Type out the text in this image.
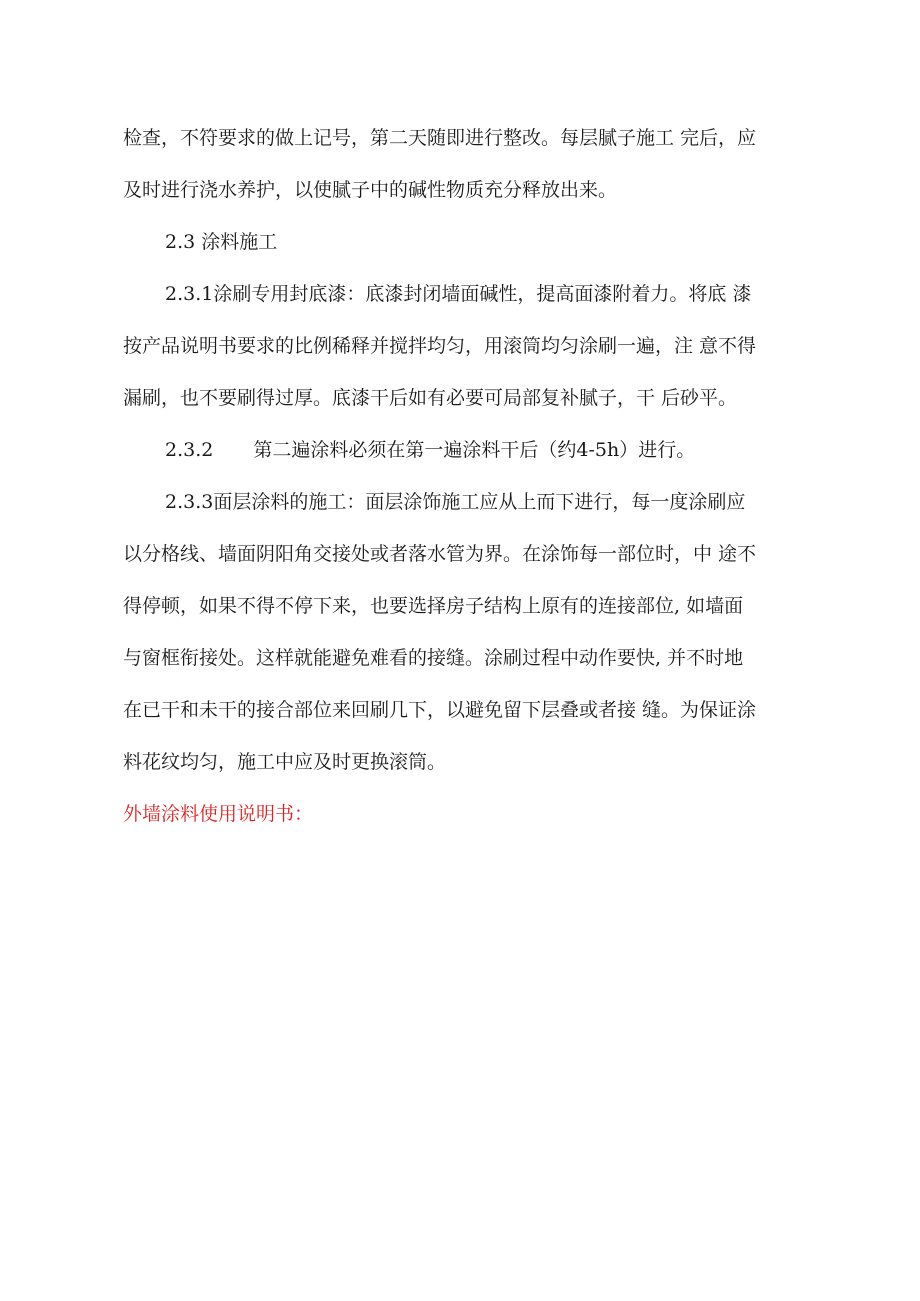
检查，不符要求的做上记号，第二天随即进行整改。每层腻子施工 完后，应
及时进行浇水养护，以使腻子中的碱性物质充分释放出来。
2.3 涂料施工
2.3.1涂刷专用封底漆：底漆封闭墙面碱性，提高面漆附着力。将底 漆
按产品说明书要求的比例稀释并搅拌均匀，用滚筒均匀涂刷一遍，注 意不得
漏刷，也不要刷得过厚。底漆干后如有必要可局部复补腻子，干 后砂平。
2.3.2 第二遍涂料必须在第一遍涂料干后（约4-5h）进行。
2.3.3面层涂料的施工：面层涂饰施工应从上而下进行，每一度涂刷应
以分格线、墙面阴阳角交接处或者落水管为界。在涂饰每一部位时，中 途不
得停顿，如果不得不停下来，也要选择房子结构上原有的连接部位, 如墙面
与窗框衔接处。这样就能避免难看的接缝。涂刷过程中动作要快, 并不时地
在已干和未干的接合部位来回刷几下，以避免留下层叠或者接 缝。为保证涂
料花纹均匀，施工中应及时更换滚筒。
外墙涂料使用说明书：
